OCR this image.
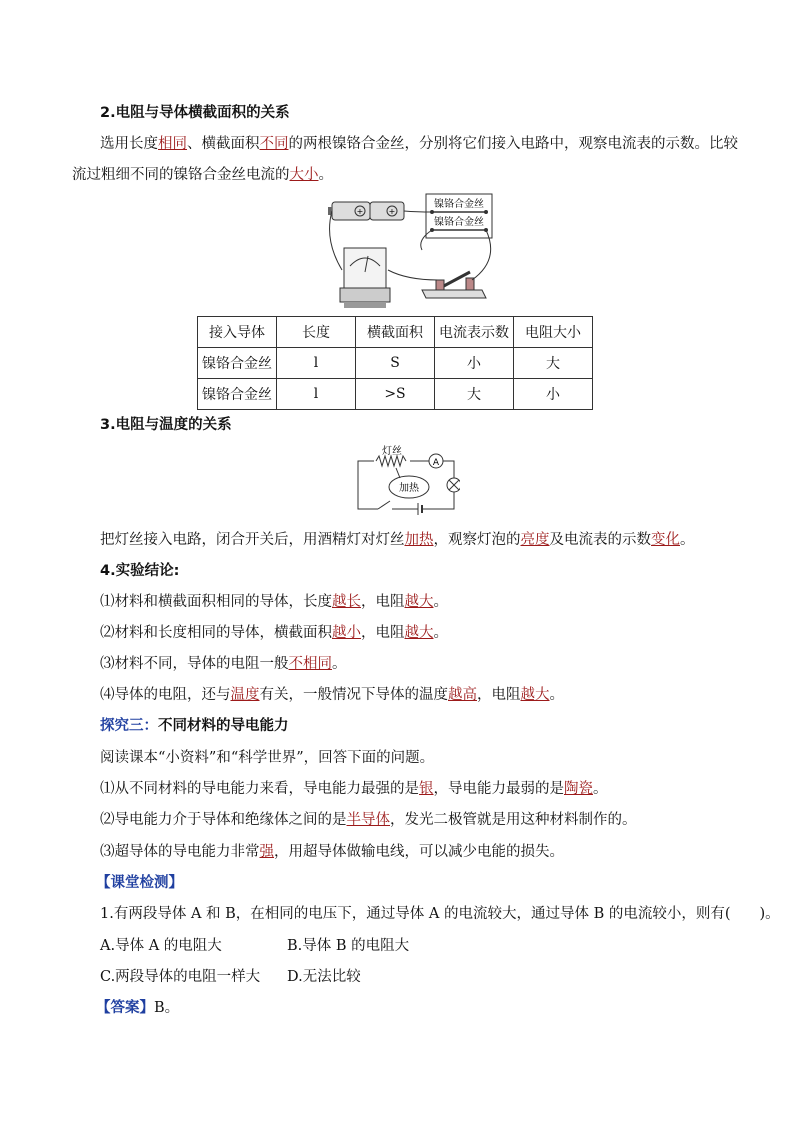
2.电阻与导体横截面积的关系
选用长度相同、横截面积不同的两根镍铬合金丝，分别将它们接入电路中，观察电流表的示数。比较
流过粗细不同的镍铬合金丝电流的大小。
+	+
镍铬合金丝
镍铬合金丝
接入导体	长度	横截面积	电流表示数	电阻大小
镍铬合金丝	l	S	小	大
镍铬合金丝	l	>S	大	小
3.电阻与温度的关系
灯丝
A
加热
把灯丝接入电路，闭合开关后，用酒精灯对灯丝加热，观察灯泡的亮度及电流表的示数变化。
4.实验结论:
⑴材料和横截面积相同的导体，长度越长，电阻越大。
⑵材料和长度相同的导体，横截面积越小，电阻越大。
⑶材料不同，导体的电阻一般不相同。
⑷导体的电阻，还与温度有关，一般情况下导体的温度越高，电阻越大。
探究三：不同材料的导电能力
阅读课本“小资料”和“科学世界”，回答下面的问题。
⑴从不同材料的导电能力来看，导电能力最强的是银，导电能力最弱的是陶瓷。
⑵导电能力介于导体和绝缘体之间的是半导体，发光二极管就是用这种材料制作的。
⑶超导体的导电能力非常强，用超导体做输电线，可以减少电能的损失。
【课堂检测】
1.有两段导体 A 和 B，在相同的电压下，通过导体 A 的电流较大，通过导体 B 的电流较小，则有(　　)。
A.导体 A 的电阻大	B.导体 B 的电阻大
C.两段导体的电阻一样大 D.无法比较
【答案】B。
